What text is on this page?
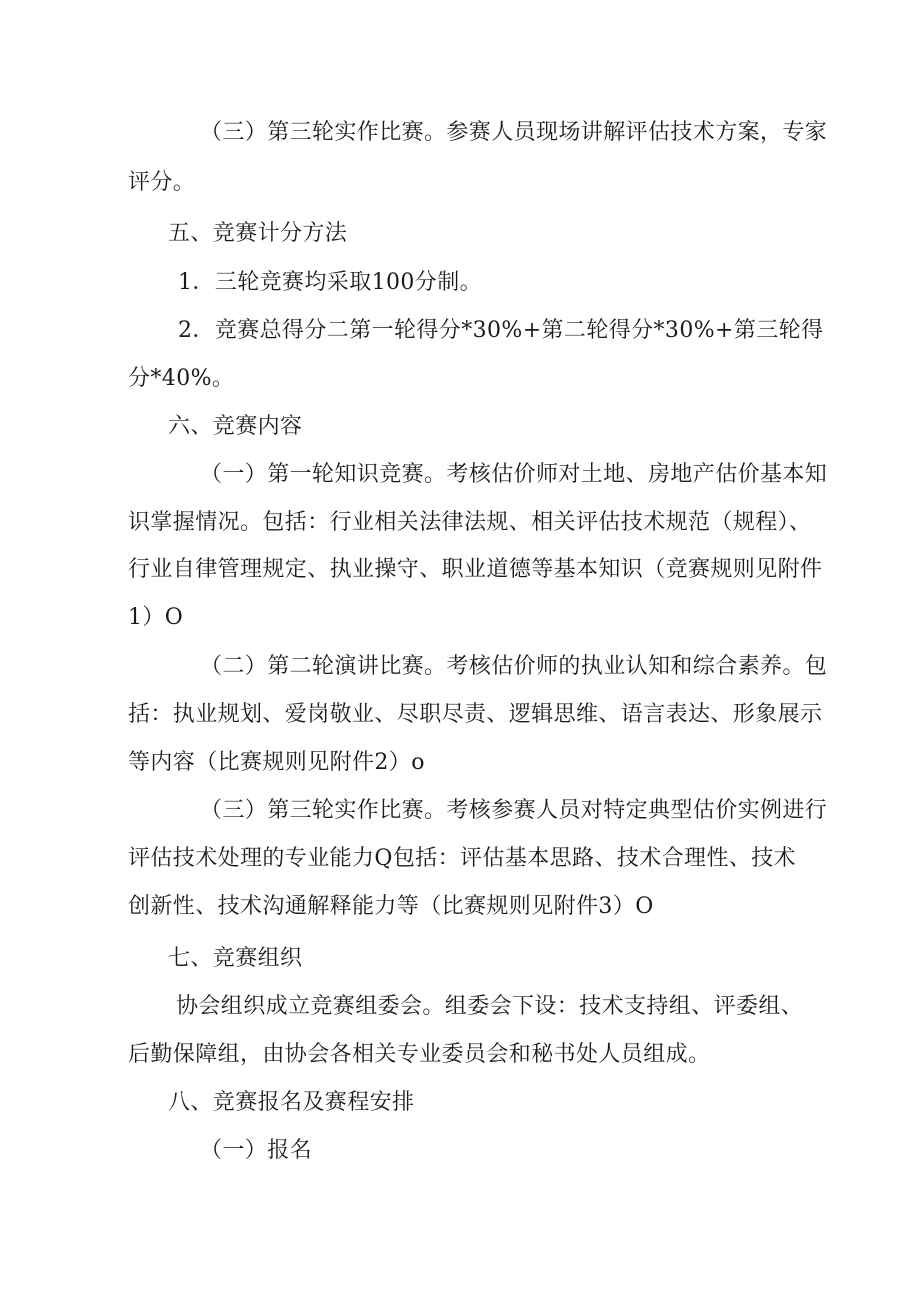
（三）第三轮实作比赛。参赛人员现场讲解评估技术方案，专家
评分。
五、竞赛计分方法
1．三轮竞赛均采取100分制。
2．竞赛总得分二第一轮得分*30%+第二轮得分*30%+第三轮得
分*40%。
六、竞赛内容
（一）第一轮知识竞赛。考核估价师对土地、房地产估价基本知
识掌握情况。包括：行业相关法律法规、相关评估技术规范（规程）、
行业自律管理规定、执业操守、职业道德等基本知识（竞赛规则见附件
1）O
（二）第二轮演讲比赛。考核估价师的执业认知和综合素养。包
括：执业规划、爱岗敬业、尽职尽责、逻辑思维、语言表达、形象展示
等内容（比赛规则见附件2）o
（三）第三轮实作比赛。考核参赛人员对特定典型估价实例进行
评估技术处理的专业能力Q包括：评估基本思路、技术合理性、技术
创新性、技术沟通解释能力等（比赛规则见附件3）O
七、竞赛组织
协会组织成立竞赛组委会。组委会下设：技术支持组、评委组、
后勤保障组，由协会各相关专业委员会和秘书处人员组成。
八、竞赛报名及赛程安排
（一）报名
